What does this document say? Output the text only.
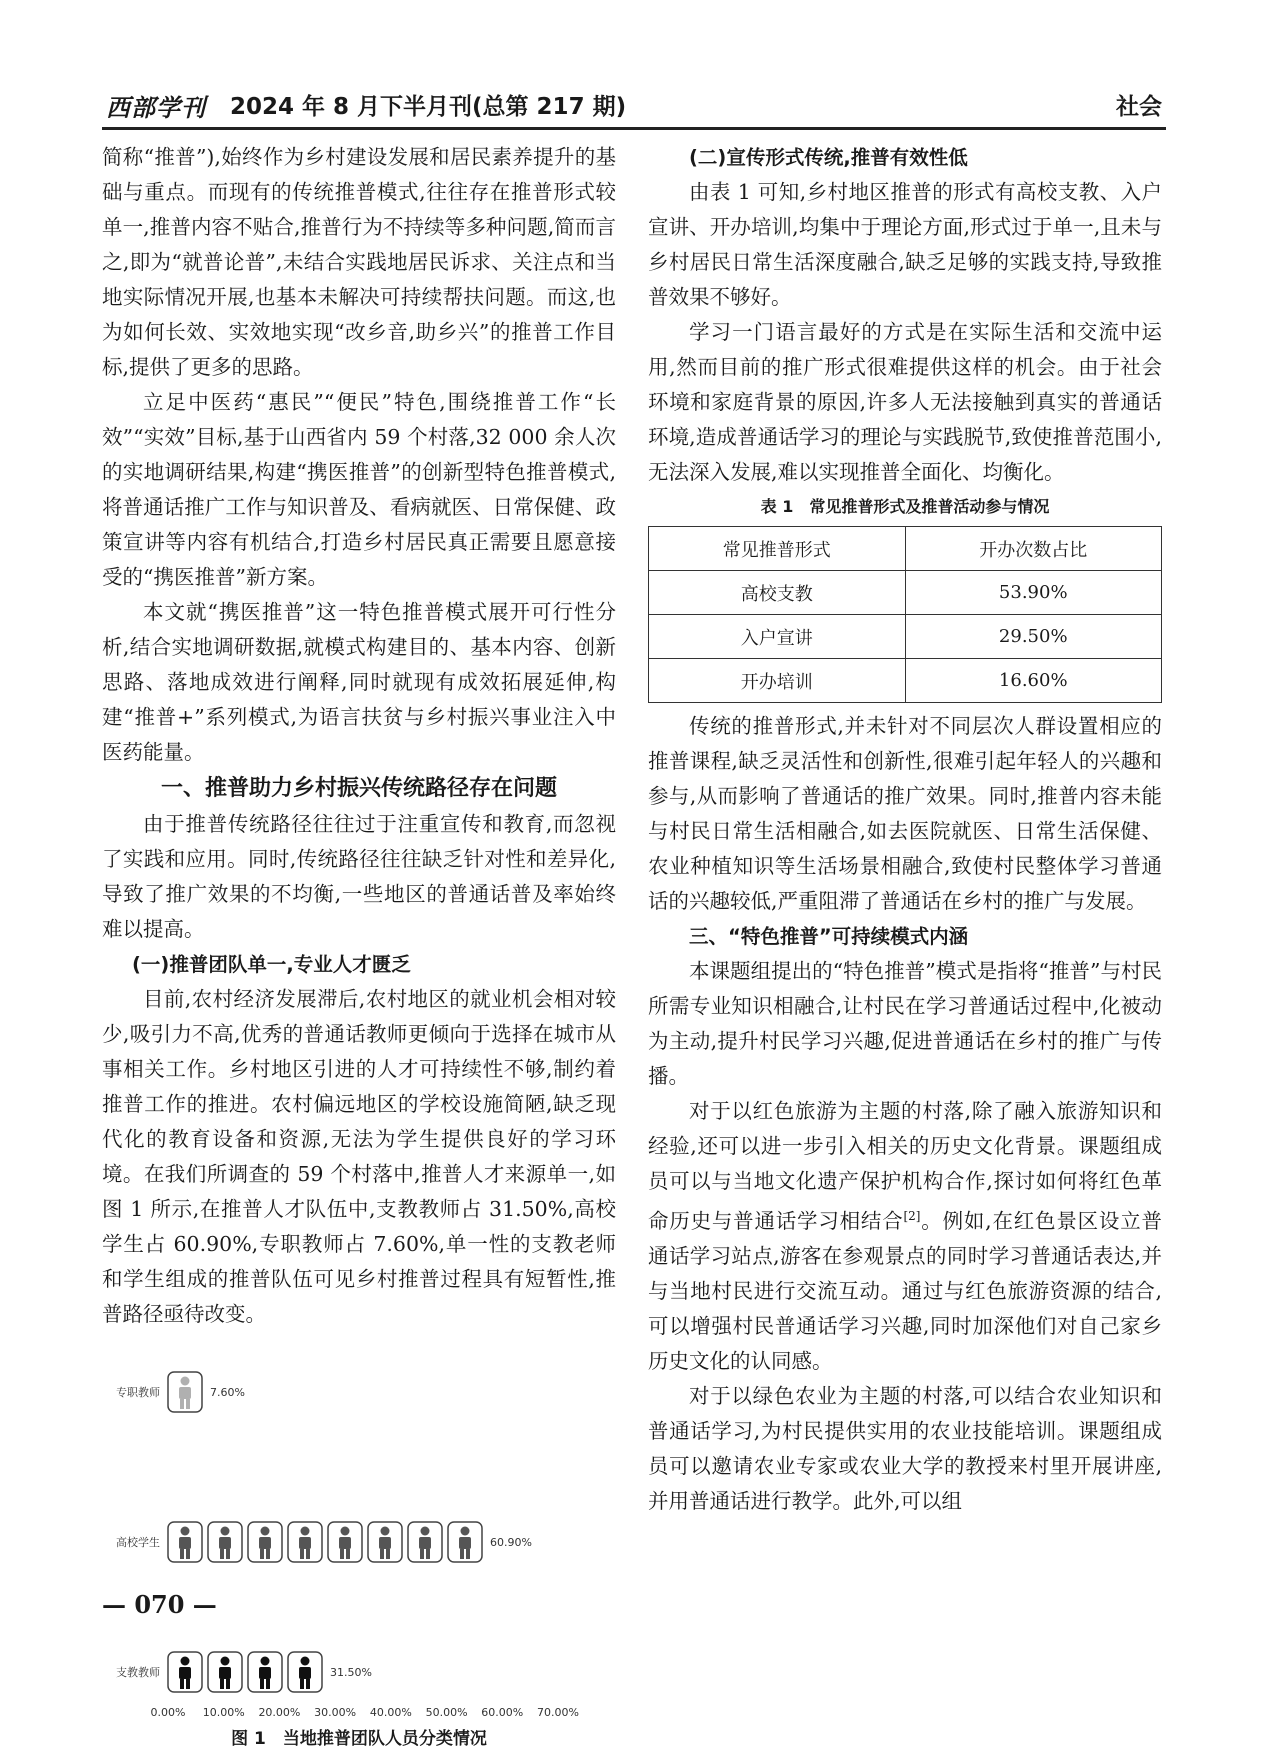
西部学刊 2024 年 8 月下半月刊(总第 217 期)	社会

简称“推普”),始终作为乡村建设发展和居民素养提升的基础与重点。而现有的传统推普模式,往往存在推普形式较单一,推普内容不贴合,推普行为不持续等多种问题,简而言之,即为“就普论普”,未结合实践地居民诉求、关注点和当地实际情况开展,也基本未解决可持续帮扶问题。而这,也为如何长效、实效地实现“改乡音,助乡兴”的推普工作目标,提供了更多的思路。

立足中医药“惠民”“便民”特色,围绕推普工作“长效”“实效”目标,基于山西省内 59 个村落,32 000 余人次的实地调研结果,构建“携医推普”的创新型特色推普模式,将普通话推广工作与知识普及、看病就医、日常保健、政策宣讲等内容有机结合,打造乡村居民真正需要且愿意接受的“携医推普”新方案。

本文就“携医推普”这一特色推普模式展开可行性分析,结合实地调研数据,就模式构建目的、基本内容、创新思路、落地成效进行阐释,同时就现有成效拓展延伸,构建“推普+”系列模式,为语言扶贫与乡村振兴事业注入中医药能量。

一、推普助力乡村振兴传统路径存在问题

由于推普传统路径往往过于注重宣传和教育,而忽视了实践和应用。同时,传统路径往往缺乏针对性和差异化,导致了推广效果的不均衡,一些地区的普通话普及率始终难以提高。

(一)推普团队单一,专业人才匮乏

目前,农村经济发展滞后,农村地区的就业机会相对较少,吸引力不高,优秀的普通话教师更倾向于选择在城市从事相关工作。乡村地区引进的人才可持续性不够,制约着推普工作的推进。农村偏远地区的学校设施简陋,缺乏现代化的教育设备和资源,无法为学生提供良好的学习环境。在我们所调查的 59 个村落中,推普人才来源单一,如图 1 所示,在推普人才队伍中,支教教师占 31.50%,高校学生占 60.90%,专职教师占 7.60%,单一性的支教老师和学生组成的推普队伍可见乡村推普过程具有短暂性,推普路径亟待改变。

0.00% 10.00% 20.00% 30.00% 40.00% 50.00% 60.00% 70.00%
专职教师	7.60%
高校学生	60.90%
支教教师	31.50%
图 1　当地推普团队人员分类情况
(二)宣传形式传统,推普有效性低

由表 1 可知,乡村地区推普的形式有高校支教、入户宣讲、开办培训,均集中于理论方面,形式过于单一,且未与乡村居民日常生活深度融合,缺乏足够的实践支持,导致推普效果不够好。

学习一门语言最好的方式是在实际生活和交流中运用,然而目前的推广形式很难提供这样的机会。由于社会环境和家庭背景的原因,许多人无法接触到真实的普通话环境,造成普通话学习的理论与实践脱节,致使推普范围小,无法深入发展,难以实现推普全面化、均衡化。

表 1　常见推普形式及推普活动参与情况
常见推普形式	开办次数占比
高校支教	53.90%
入户宣讲	29.50%
开办培训	16.60%

传统的推普形式,并未针对不同层次人群设置相应的推普课程,缺乏灵活性和创新性,很难引起年轻人的兴趣和参与,从而影响了普通话的推广效果。同时,推普内容未能与村民日常生活相融合,如去医院就医、日常生活保健、农业种植知识等生活场景相融合,致使村民整体学习普通话的兴趣较低,严重阻滞了普通话在乡村的推广与发展。

三、“特色推普”可持续模式内涵

本课题组提出的“特色推普”模式是指将“推普”与村民所需专业知识相融合,让村民在学习普通话过程中,化被动为主动,提升村民学习兴趣,促进普通话在乡村的推广与传播。

对于以红色旅游为主题的村落,除了融入旅游知识和经验,还可以进一步引入相关的历史文化背景。课题组成员可以与当地文化遗产保护机构合作,探讨如何将红色革命历史与普通话学习相结合[2]。例如,在红色景区设立普通话学习站点,游客在参观景点的同时学习普通话表达,并与当地村民进行交流互动。通过与红色旅游资源的结合,可以增强村民普通话学习兴趣,同时加深他们对自己家乡历史文化的认同感。

对于以绿色农业为主题的村落,可以结合农业知识和普通话学习,为村民提供实用的农业技能培训。课题组成员可以邀请农业专家或农业大学的教授来村里开展讲座,并用普通话进行教学。此外,可以组

— 070 —
